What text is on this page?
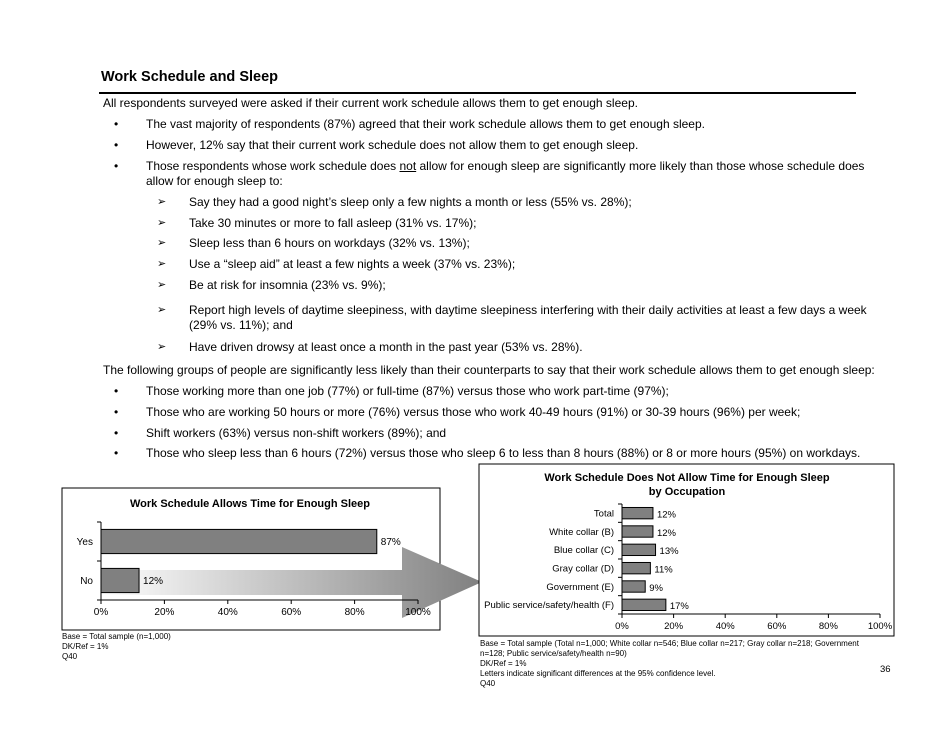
Work Schedule and Sleep
All respondents surveyed were asked if their current work schedule allows them to get enough sleep.
• The vast majority of respondents (87%) agreed that their work schedule allows them to get enough sleep.
• However, 12% say that their current work schedule does not allow them to get enough sleep.
• Those respondents whose work schedule does not allow for enough sleep are significantly more likely than those whose schedule does
allow for enough sleep to:
➢ Say they had a good night’s sleep only a few nights a month or less (55% vs. 28%);
➢ Take 30 minutes or more to fall asleep (31% vs. 17%);
➢ Sleep less than 6 hours on workdays (32% vs. 13%);
➢ Use a “sleep aid” at least a few nights a week (37% vs. 23%);
➢ Be at risk for insomnia (23% vs. 9%);
➢ Report high levels of daytime sleepiness, with daytime sleepiness interfering with their daily activities at least a few days a week
(29% vs. 11%); and
➢ Have driven drowsy at least once a month in the past year (53% vs. 28%).
The following groups of people are significantly less likely than their counterparts to say that their work schedule allows them to get enough sleep:
• Those working more than one job (77%) or full-time (87%) versus those who work part-time (97%);
• Those who are working 50 hours or more (76%) versus those who work 40-49 hours (91%) or 30-39 hours (96%) per week;
• Shift workers (63%) versus non-shift workers (89%); and
• Those who sleep less than 6 hours (72%) versus those who sleep 6 to less than 8 hours (88%) or 8 or more hours (95%) on workdays.
Work Schedule Allows Time for Enough Sleep
0%	20%	40%	60%	80%	100%
Yes	87%
No	12%
Work Schedule Does Not Allow Time for Enough Sleep
by Occupation
0%	20%	40%	60%	80%	100%
Total	12%
White collar (B)	12%
Blue collar (C)	13%
Gray collar (D)	11%
Government (E)	9%
Public service/safety/health (F)	17%
Base = Total sample (n=1,000)
DK/Ref = 1%
Q40
Base = Total sample (Total n=1,000; White collar n=546; Blue collar n=217; Gray collar n=218; Government
n=128; Public service/safety/health n=90)
DK/Ref = 1%
Letters indicate significant differences at the 95% confidence level.
Q40
36
